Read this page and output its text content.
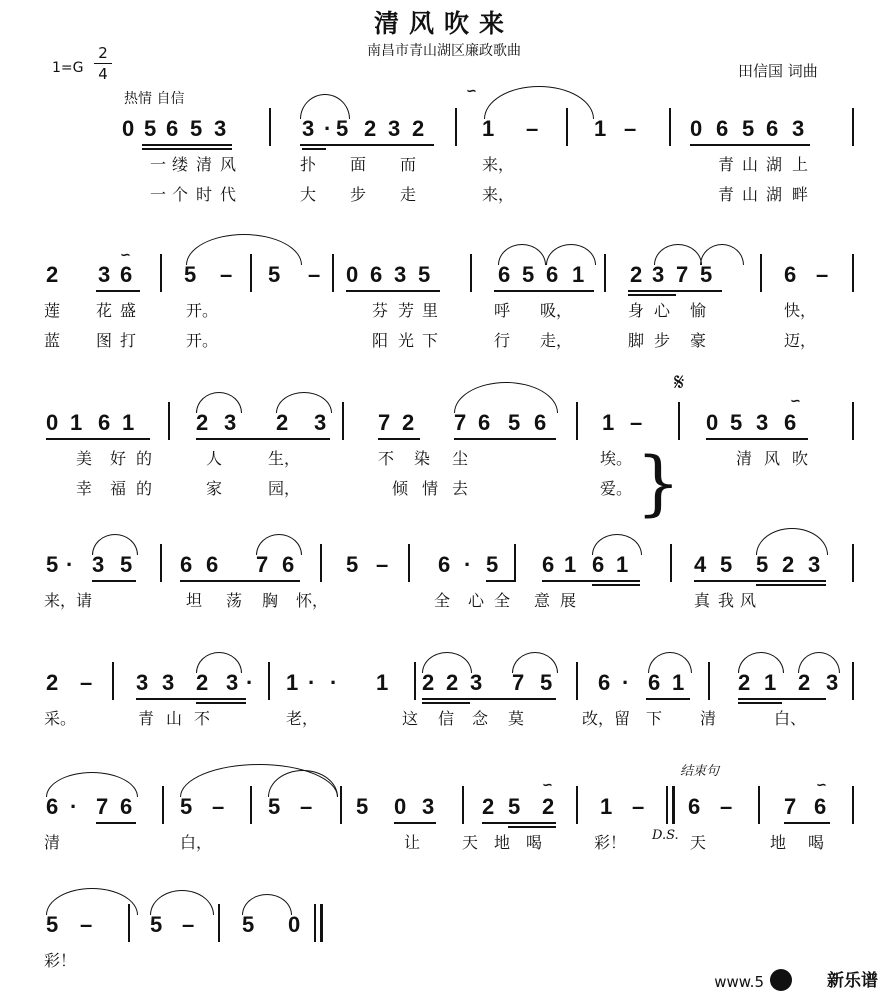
清风吹来
南昌市青山湖区廉政歌曲
1=G
2
4	田信国 词曲
热情 自信
𝄋
结束句
D.S.
0 5 6 5 3	3 · 5 2 3 2	1 –	1 – 0 6 5 6 3
一 缕 清 风	扑 面 而	来，	青 山 湖 上
一 个 时 代	大 步 走	来，	青 山 湖 畔
∽
2 3 6 5 – 5 – 0 6 3 5	6 5 6 1 2 3 7 5	6 –
莲 花 盛	开。	芬 芳 里	呼 吸，	身 心 愉	快，
蓝 图 打	开。	阳 光 下	行 走，	脚 步 豪	迈，
∽
0 1 6 1	2 3 2 3 7 2 7 6 5 6	1 –	0 5 3 6
美 好 的	人	生，	不 染 尘	埃。	清 风 吹
幸 福 的	家	园，	倾 情 去	爱。
∽
5 · 3 5 6 6 7 6 5 – 6 · 5 6 1 6 1	4 5 5 2 3
来，请	坦 荡 胸 怀，	全 心 全 意 展	真 我 风
2 – 3 3 2 3 · 1 · · 1 2 2 3 7 5 6 · 6 1 2 1 2 3
采。	青 山 不	老，	这 信 念 莫	改，留 下 清	白、
6 · 7 6 5 – 5 – 5 0 3 2 5 2 1 – 6 – 7 6
清	白，	让	天 地 喝	彩！	天	地 喝
∽	∽
5 –	5 – 5 0
彩！
}
www.5	新乐谱
